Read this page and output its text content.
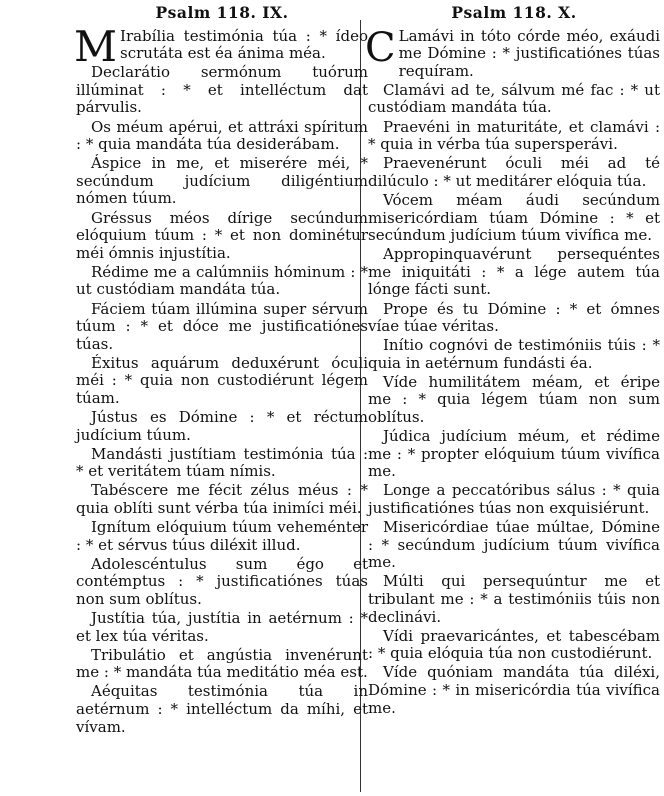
Psalm 118. IX.

M Irabília testimónia túa : * ídeo scrutáta est éa ánima méa.

Declarátio sermónum tuórum illúminat : * et intelléctum dat párvulis.

Os méum apérui, et attráxi spíritum : * quia mandáta túa desiderábam.

Áspice in me, et miserére méi, * secúndum judícium diligéntium nómen túum.

Gréssus méos dírige secúndum elóquium túum : * et non dominétur méi ómnis injustítia.

Rédime me a calúmniis hóminum : * ut custódiam mandáta túa.

Fáciem túam illúmina super sérvum túum : * et dóce me justificatiónes túas.

Éxitus aquárum deduxérunt óculi méi : * quia non custodiérunt légem túam.

Jústus es Dómine : * et réctum judícium túum.

Mandásti justítiam testimónia túa : * et veritátem túam nímis.

Tabéscere me fécit zélus méus : * quia oblíti sunt vérba túa inimíci méi.

Ignítum elóquium túum veheménter : * et sérvus túus diléxit illud.

Adolescéntulus sum égo et contémptus : * justificatiónes túas non sum oblítus.

Justítia túa, justítia in aetérnum : * et lex túa véritas.

Tribulátio et angústia invenérunt me : * mandáta túa meditátio méa est.

Aéquitas testimónia túa in aetérnum : * intelléctum da míhi, et vívam.

Psalm 118. X.

C Lamávi in tóto córde méo, exáudi me Dómine : * justificatiónes túas requíram.

Clamávi ad te, sálvum mé fac : * ut custódiam mandáta túa.

Praevéni in maturitáte, et clamávi : * quia in vérba túa supersperávi.

Praevenérunt óculi méi ad té dilúculo : * ut meditárer elóquia túa.

Vócem méam áudi secúndum misericórdiam túam Dómine : * et secúndum judícium túum vivífica me.

Appropinquavérunt persequéntes me iniquitáti : * a lége autem túa lónge fácti sunt.

Prope és tu Dómine : * et ómnes víae túae véritas.

Inítio cognóvi de testimóniis túis : * quia in aetérnum fundásti éa.

Víde humilitátem méam, et éripe me : * quia légem túam non sum oblítus.

Júdica judícium méum, et rédime me : * propter elóquium túum vivífica me.

Longe a peccatóribus sálus : * quia justificatiónes túas non exquisiérunt.

Misericórdiae túae múltae, Dómine : * secúndum judícium túum vivífica me.

Múlti qui persequúntur me et tribulant me : * a testimóniis túis non declinávi.

Vídi praevaricántes, et tabescébam : * quia elóquia túa non custodiérunt.

Víde quóniam mandáta túa diléxi, Dómine : * in misericórdia túa vivífica me.
